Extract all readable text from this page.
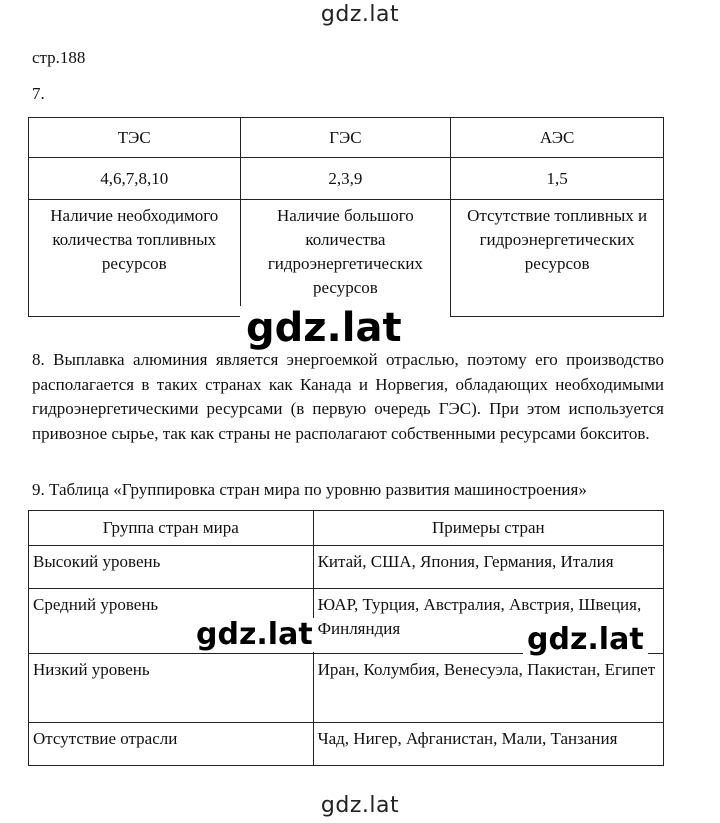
gdz.lat
стр.188
7.
ТЭС	ГЭС	АЭС
4,6,7,8,10	2,3,9	1,5
Наличие необходимого количества топливных ресурсов	Наличие большого количества гидроэнергетических ресурсов	Отсутствие топливных и гидроэнергетических ресурсов
gdz.lat
8. Выплавка алюминия является энергоемкой отраслью, поэтому его производство располагается в таких странах как Канада и Норвегия, обладающих необходимыми гидроэнергетическими ресурсами (в первую очередь ГЭС). При этом используется привозное сырье, так как страны не располагают собственными ресурсами бокситов.
9. Таблица «Группировка стран мира по уровню развития машиностроения»
Группа стран мира	Примеры стран
Высокий уровень	Китай, США, Япония, Германия, Италия
Средний уровень	ЮАР, Турция, Австралия, Австрия, Швеция, Финляндия
Низкий уровень	Иран, Колумбия, Венесуэла, Пакистан, Египет
Отсутствие отрасли	Чад, Нигер, Афганистан, Мали, Танзания
gdz.lat	gdz.lat
gdz.lat
